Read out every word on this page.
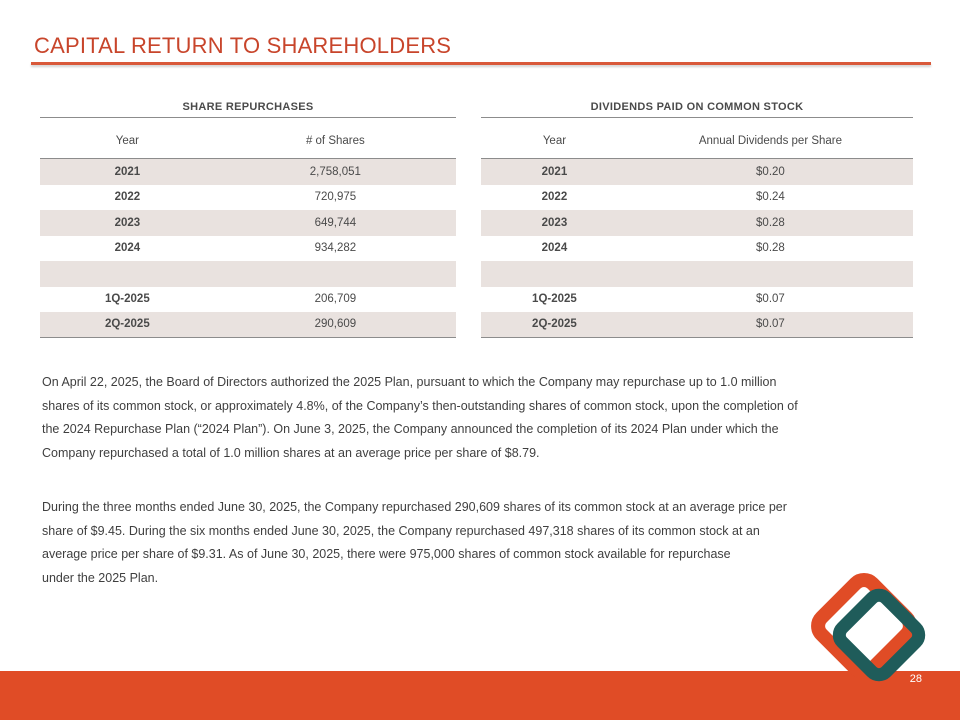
CAPITAL RETURN TO SHAREHOLDERS
SHARE REPURCHASES
Year	# of Shares
2021	2,758,051
2022	720,975
2023	649,744
2024	934,282
1Q-2025	206,709
2Q-2025	290,609
DIVIDENDS PAID ON COMMON STOCK
Year	Annual Dividends per Share
2021	$0.20
2022	$0.24
2023	$0.28
2024	$0.28
1Q-2025	$0.07
2Q-2025	$0.07
On April 22, 2025, the Board of Directors authorized the 2025 Plan, pursuant to which the Company may repurchase up to 1.0 million
shares of its common stock, or approximately 4.8%, of the Company’s then-outstanding shares of common stock, upon the completion of
the 2024 Repurchase Plan (“2024 Plan”). On June 3, 2025, the Company announced the completion of its 2024 Plan under which the
Company repurchased a total of 1.0 million shares at an average price per share of $8.79.
During the three months ended June 30, 2025, the Company repurchased 290,609 shares of its common stock at an average price per
share of $9.45. During the six months ended June 30, 2025, the Company repurchased 497,318 shares of its common stock at an
average price per share of $9.31. As of June 30, 2025, there were 975,000 shares of common stock available for repurchase
under the 2025 Plan.
28
